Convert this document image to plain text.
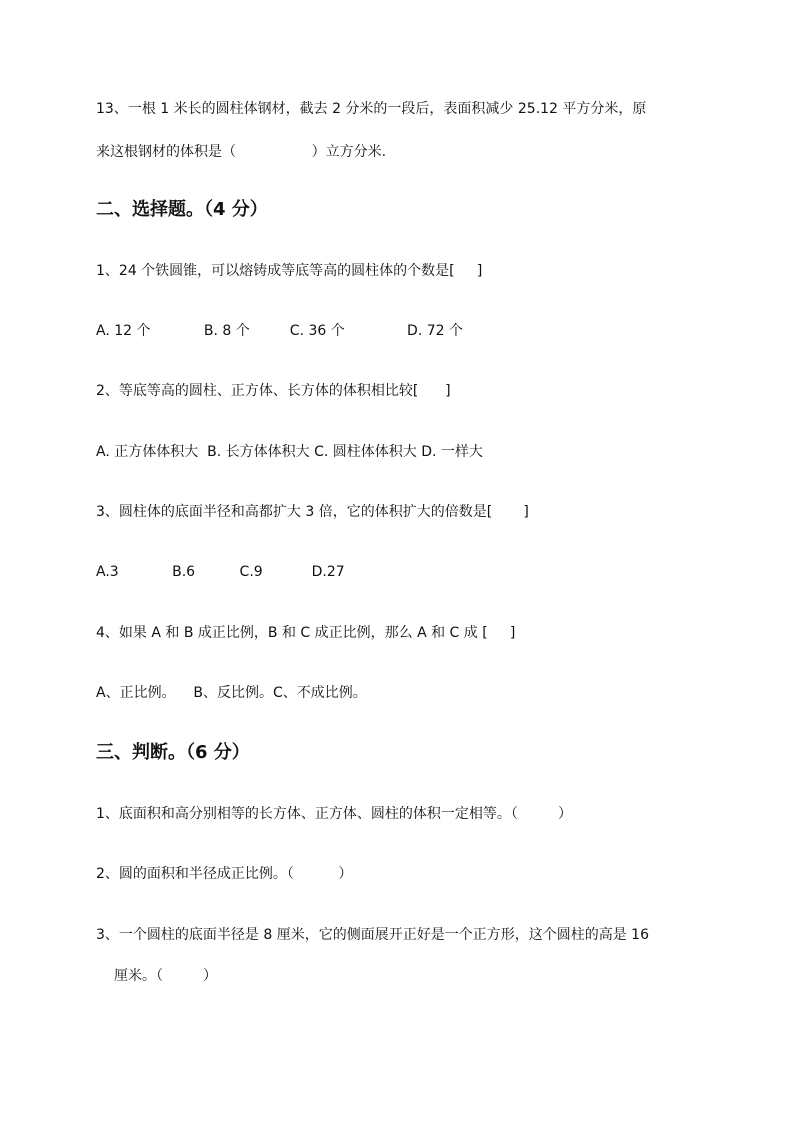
13、一根 1 米长的圆柱体钢材，截去 2 分米的一段后，表面积减少 25.12 平方分米，原
来这根钢材的体积是（                 ）立方分米.
二、选择题。（4 分）
1、24 个铁圆锥，可以熔铸成等底等高的圆柱体的个数是[     ]
A. 12 个            B. 8 个         C. 36 个              D. 72 个
2、等底等高的圆柱、正方体、长方体的体积相比较[      ]
A. 正方体体积大  B. 长方体体积大 C. 圆柱体体积大 D. 一样大
3、圆柱体的底面半径和高都扩大 3 倍，它的体积扩大的倍数是[       ]
A.3            B.6          C.9           D.27
4、如果 A 和 B 成正比例，B 和 C 成正比例，那么 A 和 C 成 [     ]
A、正比例。    B、反比例。C、不成比例。
三、判断。（6 分）
1、底面积和高分别相等的长方体、正方体、圆柱的体积一定相等。（         ）
2、圆的面积和半径成正比例。（          ）
3、一个圆柱的底面半径是 8 厘米，它的侧面展开正好是一个正方形，这个圆柱的高是 16
厘米。（         ）
